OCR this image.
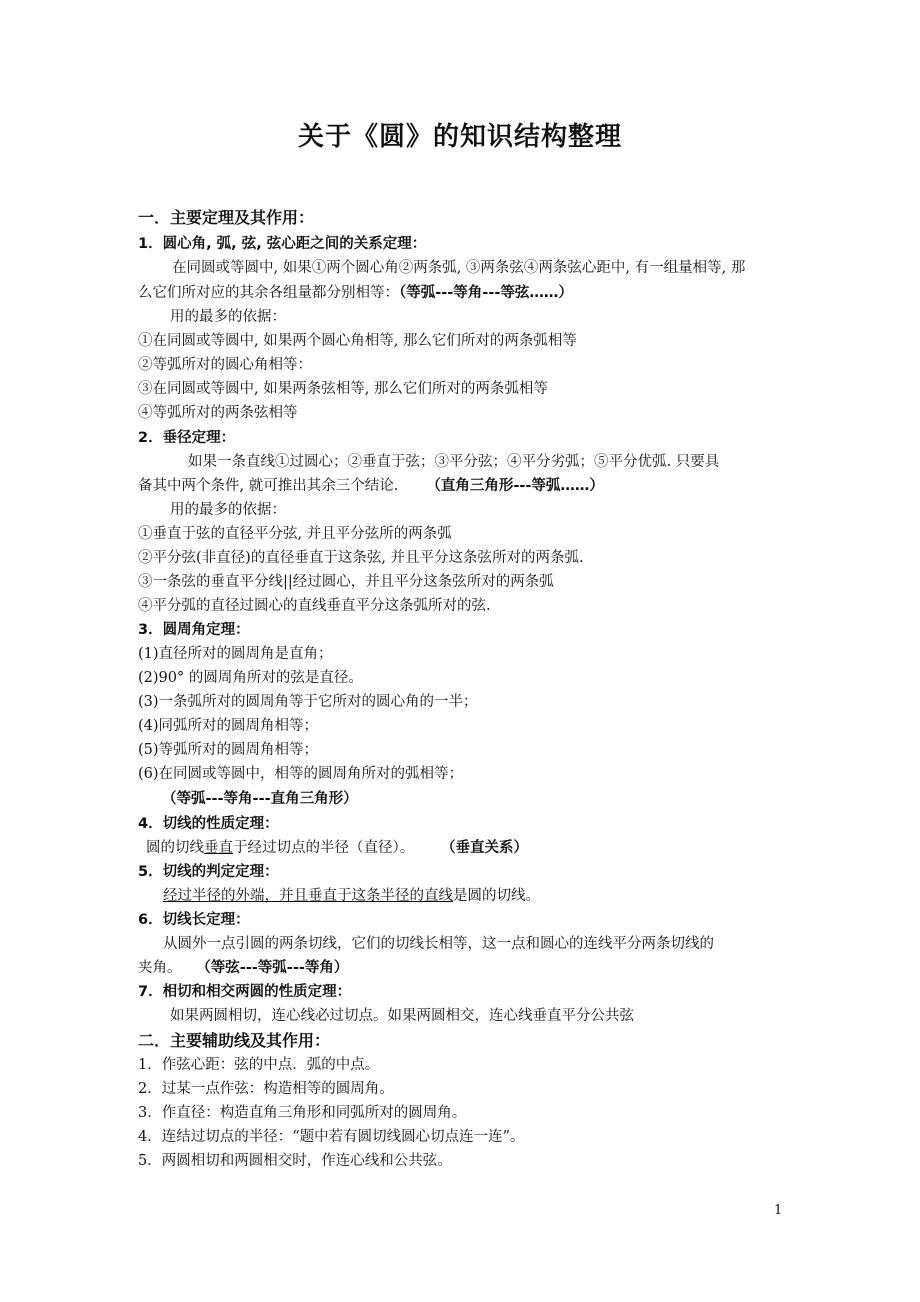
关于《圆》的知识结构整理
一．主要定理及其作用：
1．圆心角, 弧, 弦, 弦心距之间的关系定理：
在同圆或等圆中, 如果①两个圆心角②两条弧, ③两条弦④两条弦心距中, 有一组量相等, 那
么它们所对应的其余各组量都分别相等：（等弧---等角---等弦……）
用的最多的依据：
①在同圆或等圆中, 如果两个圆心角相等, 那么它们所对的两条弧相等
②等弧所对的圆心角相等：
③在同圆或等圆中, 如果两条弦相等, 那么它们所对的两条弧相等
④等弧所对的两条弦相等
2．垂径定理：
如果一条直线①过圆心；②垂直于弦；③平分弦；④平分劣弧；⑤平分优弧. 只要具
备其中两个条件, 就可推出其余三个结论. （直角三角形---等弧……）
用的最多的依据：
①垂直于弦的直径平分弦, 并且平分弦所的两条弧
②平分弦(非直径)的直径垂直于这条弦, 并且平分这条弦所对的两条弧.
③一条弦的垂直平分线||经过圆心，并且平分这条弦所对的两条弧
④平分弧的直径过圆心的直线垂直平分这条弧所对的弦.
3．圆周角定理：
(1)直径所对的圆周角是直角；
(2)90° 的圆周角所对的弦是直径。
(3)一条弧所对的圆周角等于它所对的圆心角的一半；
(4)同弧所对的圆周角相等；
(5)等弧所对的圆周角相等；
(6)在同圆或等圆中，相等的圆周角所对的弧相等；
（等弧---等角---直角三角形）
4．切线的性质定理：
圆的切线垂直于经过切点的半径（直径）。 （垂直关系）
5．切线的判定定理：
经过半径的外端，并且垂直于这条半径的直线是圆的切线。
6．切线长定理：
从圆外一点引圆的两条切线，它们的切线长相等，这一点和圆心的连线平分两条切线的
夹角。 （等弦---等弧---等角）
7．相切和相交两圆的性质定理：
如果两圆相切，连心线必过切点。如果两圆相交，连心线垂直平分公共弦
二．主要辅助线及其作用：
1．作弦心距：弦的中点．弧的中点。
2．过某一点作弦：构造相等的圆周角。
3．作直径：构造直角三角形和同弧所对的圆周角。
4．连结过切点的半径：“题中若有圆切线圆心切点连一连”。
5．两圆相切和两圆相交时，作连心线和公共弦。
1
